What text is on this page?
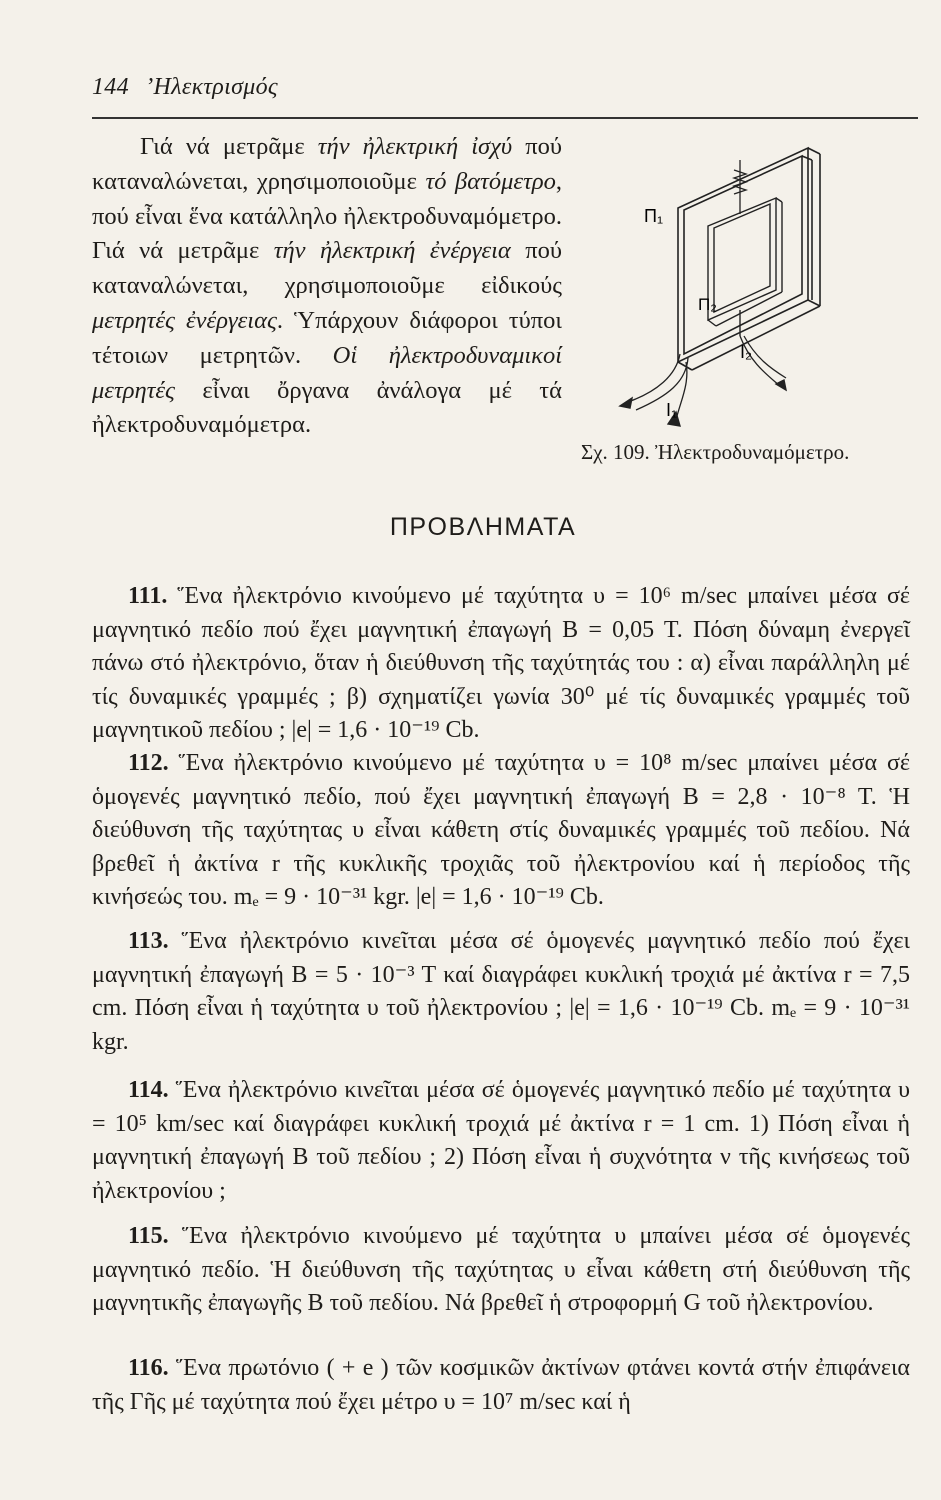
144 ʼΗλεκτρισμός

Γιά νά μετρᾶμε τήν ἠλεκτρική ἰσχύ πού καταναλώνεται, χρησιμοποιοῦμε τό βατόμετρο, πού εἶναι ἕνα κατάλληλο ἠλεκτροδυναμόμετρο. Γιά νά μετρᾶμε τήν ἠλεκτρική ἐνέργεια πού καταναλώνεται, χρησιμοποιοῦμε εἰδικούς μετρητές ἐνέργειας. Ὑπάρχουν διάφοροι τύποι τέτοιων μετρητῶν. Οἱ ἠλεκτροδυναμικοί μετρητές εἶναι ὄργανα ἀνάλογα μέ τά ἠλεκτροδυναμόμετρα.

Π₁
Π₂
I₂
I₁
Σχ. 109. Ἠλεκτροδυναμόμετρο.
ΠΡΟΒΛΗΜΑΤΑ

111. Ἕνα ἠλεκτρόνιο κινούμενο μέ ταχύτητα υ = 10⁶ m/sec μπαίνει μέσα σέ μαγνητικό πεδίο πού ἔχει μαγνητική ἐπαγωγή Β = 0,05 Τ. Πόση δύναμη ἐνεργεῖ πάνω στό ἠλεκτρόνιο, ὅταν ἡ διεύθυνση τῆς ταχύτητάς του : α) εἶναι παράλληλη μέ τίς δυναμικές γραμμές ; β) σχηματίζει γωνία 30⁰ μέ τίς δυναμικές γραμμές τοῦ μαγνητικοῦ πεδίου ; |e| = 1,6 · 10⁻¹⁹ Cb.

112. Ἕνα ἠλεκτρόνιο κινούμενο μέ ταχύτητα υ = 10⁸ m/sec μπαίνει μέσα σέ ὁμογενές μαγνητικό πεδίο, πού ἔχει μαγνητική ἐπαγωγή Β = 2,8 · 10⁻⁸ Τ. Ἡ διεύθυνση τῆς ταχύτητας υ εἶναι κάθετη στίς δυναμικές γραμμές τοῦ πεδίου. Νά βρεθεῖ ἡ ἀκτίνα r τῆς κυκλικῆς τροχιᾶς τοῦ ἠλεκτρονίου καί ἡ περίοδος τῆς κινήσεώς του. mₑ = 9 · 10⁻³¹ kgr. |e| = 1,6 · 10⁻¹⁹ Cb.

113. Ἕνα ἠλεκτρόνιο κινεῖται μέσα σέ ὁμογενές μαγνητικό πεδίο πού ἔχει μαγνητική ἐπαγωγή Β = 5 · 10⁻³ Τ καί διαγράφει κυκλική τροχιά μέ ἀκτίνα r = 7,5 cm. Πόση εἶναι ἡ ταχύτητα υ τοῦ ἠλεκτρονίου ; |e| = 1,6 · 10⁻¹⁹ Cb. mₑ = 9 · 10⁻³¹ kgr.

114. Ἕνα ἠλεκτρόνιο κινεῖται μέσα σέ ὁμογενές μαγνητικό πεδίο μέ ταχύτητα υ = 10⁵ km/sec καί διαγράφει κυκλική τροχιά μέ ἀκτίνα r = 1 cm. 1) Πόση εἶναι ἡ μαγνητική ἐπαγωγή Β τοῦ πεδίου ; 2) Πόση εἶναι ἡ συχνότητα ν τῆς κινήσεως τοῦ ἠλεκτρονίου ;

115. Ἕνα ἠλεκτρόνιο κινούμενο μέ ταχύτητα υ μπαίνει μέσα σέ ὁμογενές μαγνητικό πεδίο. Ἡ διεύθυνση τῆς ταχύτητας υ εἶναι κάθετη στή διεύθυνση τῆς μαγνητικῆς ἐπαγωγῆς Β τοῦ πεδίου. Νά βρεθεῖ ἡ στροφορμή G τοῦ ἠλεκτρονίου.

116. Ἕνα πρωτόνιο ( + e ) τῶν κοσμικῶν ἀκτίνων φτάνει κοντά στήν ἐπιφάνεια τῆς Γῆς μέ ταχύτητα πού ἔχει μέτρο υ = 10⁷ m/sec καί ἡ
